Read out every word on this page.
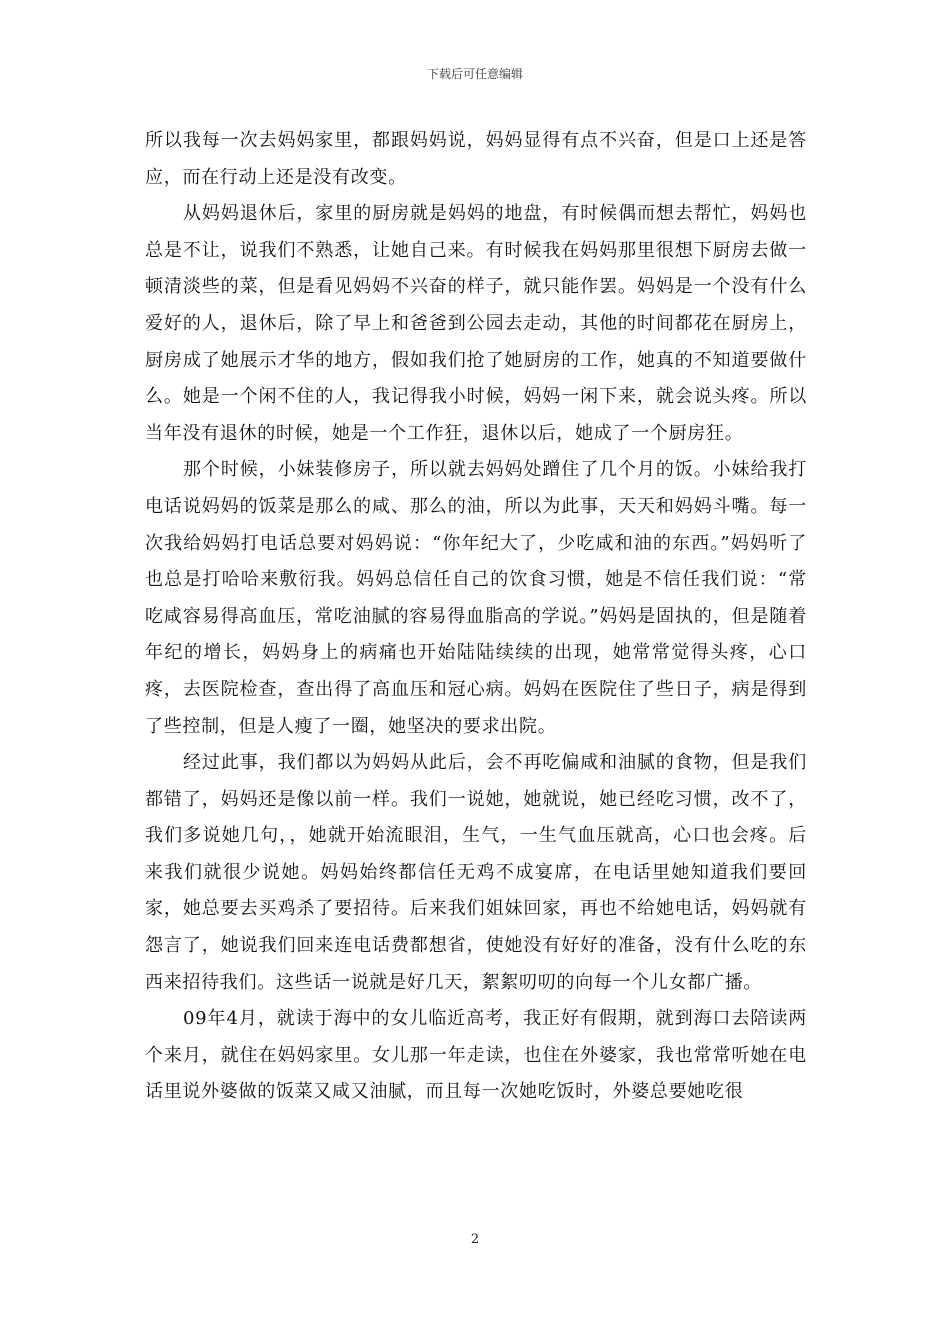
下载后可任意编辑

所以我每一次去妈妈家里，都跟妈妈说，妈妈显得有点不兴奋，但是口上还是答应，而在行动上还是没有改变。

从妈妈退休后，家里的厨房就是妈妈的地盘，有时候偶而想去帮忙，妈妈也总是不让，说我们不熟悉，让她自己来。有时候我在妈妈那里很想下厨房去做一顿清淡些的菜，但是看见妈妈不兴奋的样子，就只能作罢。妈妈是一个没有什么爱好的人，退休后，除了早上和爸爸到公园去走动，其他的时间都花在厨房上，厨房成了她展示才华的地方，假如我们抢了她厨房的工作，她真的不知道要做什么。她是一个闲不住的人，我记得我小时候，妈妈一闲下来，就会说头疼。所以当年没有退休的时候，她是一个工作狂，退休以后，她成了一个厨房狂。

那个时候，小妹装修房子，所以就去妈妈处蹭住了几个月的饭。小妹给我打电话说妈妈的饭菜是那么的咸、那么的油，所以为此事，天天和妈妈斗嘴。每一次我给妈妈打电话总要对妈妈说：“你年纪大了，少吃咸和油的东西。”妈妈听了也总是打哈哈来敷衍我。妈妈总信任自己的饮食习惯，她是不信任我们说：“常吃咸容易得高血压，常吃油腻的容易得血脂高的学说。”妈妈是固执的，但是随着年纪的增长，妈妈身上的病痛也开始陆陆续续的出现，她常常觉得头疼，心口疼，去医院检查，查出得了高血压和冠心病。妈妈在医院住了些日子，病是得到了些控制，但是人瘦了一圈，她坚决的要求出院。

经过此事，我们都以为妈妈从此后，会不再吃偏咸和油腻的食物，但是我们都错了，妈妈还是像以前一样。我们一说她，她就说，她已经吃习惯，改不了，我们多说她几句，，她就开始流眼泪，生气，一生气血压就高，心口也会疼。后来我们就很少说她。妈妈始终都信任无鸡不成宴席，在电话里她知道我们要回家，她总要去买鸡杀了要招待。后来我们姐妹回家，再也不给她电话，妈妈就有怨言了，她说我们回来连电话费都想省，使她没有好好的准备，没有什么吃的东西来招待我们。这些话一说就是好几天，絮絮叨叨的向每一个儿女都广播。

09年4月，就读于海中的女儿临近高考，我正好有假期，就到海口去陪读两个来月，就住在妈妈家里。女儿那一年走读，也住在外婆家，我也常常听她在电话里说外婆做的饭菜又咸又油腻，而且每一次她吃饭时，外婆总要她吃很

2
